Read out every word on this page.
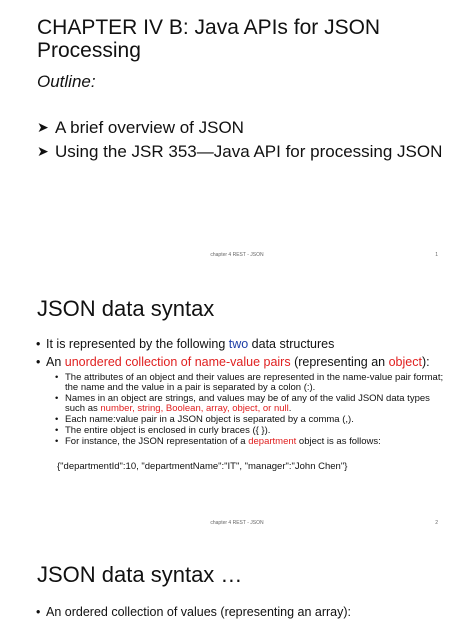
CHAPTER IV B: Java APIs for JSON Processing
Outline:
➤ A brief overview of JSON
➤ Using the JSR 353—Java API for processing JSON
chapter 4 REST - JSON	1
JSON data syntax
• It is represented by the following two data structures
• An unordered collection of name-value pairs (representing an object):
• The attributes of an object and their values are represented in the name-value pair format; the name and the value in a pair is separated by a colon (:).
• Names in an object are strings, and values may be of any of the valid JSON data types such as number, string, Boolean, array, object, or null.
• Each name:value pair in a JSON object is separated by a comma (,).
• The entire object is enclosed in curly braces ({ }).
• For instance, the JSON representation of a department object is as follows:
{"departmentId":10, "departmentName":"IT", "manager":"John Chen"}
chapter 4 REST - JSON	2
JSON data syntax …
• An ordered collection of values (representing an array):
